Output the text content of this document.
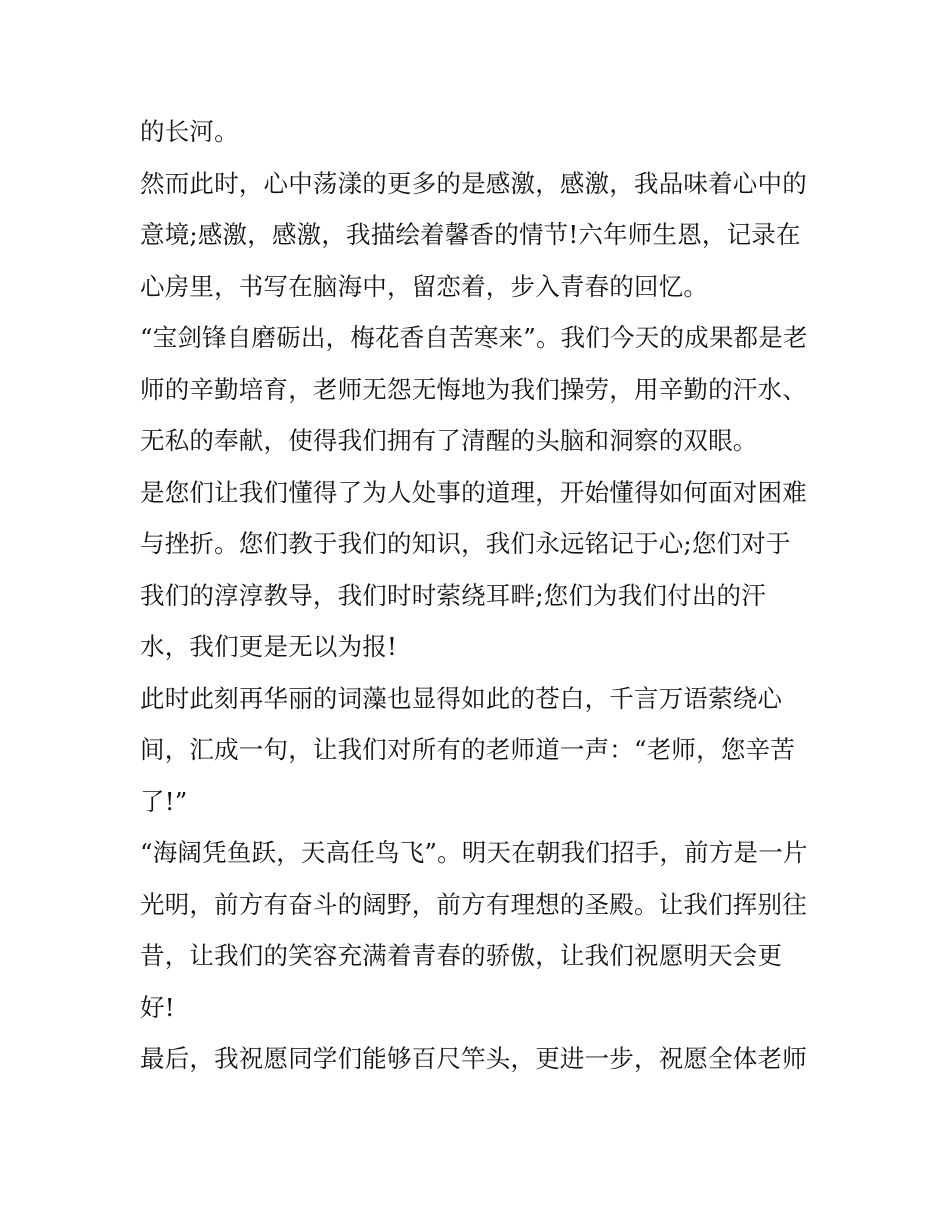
的长河。
然而此时，心中荡漾的更多的是感激，感激，我品味着心中的
意境;感激，感激，我描绘着馨香的情节!六年师生恩，记录在
心房里，书写在脑海中，留恋着，步入青春的回忆。
“宝剑锋自磨砺出，梅花香自苦寒来”。我们今天的成果都是老
师的辛勤培育，老师无怨无悔地为我们操劳，用辛勤的汗水、
无私的奉献，使得我们拥有了清醒的头脑和洞察的双眼。
是您们让我们懂得了为人处事的道理，开始懂得如何面对困难
与挫折。您们教于我们的知识，我们永远铭记于心;您们对于
我们的淳淳教导，我们时时萦绕耳畔;您们为我们付出的汗
水，我们更是无以为报!
此时此刻再华丽的词藻也显得如此的苍白，千言万语萦绕心
间，汇成一句，让我们对所有的老师道一声：“老师，您辛苦
了!”
“海阔凭鱼跃，天高任鸟飞”。明天在朝我们招手，前方是一片
光明，前方有奋斗的阔野，前方有理想的圣殿。让我们挥别往
昔，让我们的笑容充满着青春的骄傲，让我们祝愿明天会更
好!
最后，我祝愿同学们能够百尺竿头，更进一步，祝愿全体老师
